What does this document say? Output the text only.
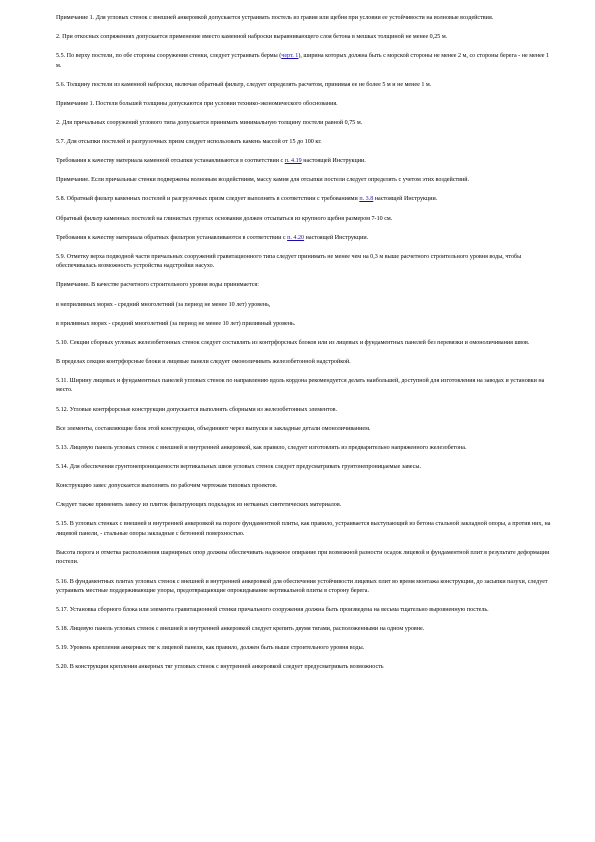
Примечание 1. Для угловых стенок с внешней анкеровкой допускается устраивать постель из гравия или щебня при условии ее устойчивости на волновые воздействия.

2. При откосных сопряжениях допускается применение вместо каменной наброски выравнивающего слоя бетона в мешках толщиной не менее 0,25 м.

5.5. По верху постели, по обе стороны сооружения стенки, следует устраивать бермы (черт. 1), ширина которых должна быть с морской стороны не менее 2 м, со стороны берега - не менее 1 м.

5.6. Толщину постели из каменной наброски, включая обратный фильтр, следует определять расчетом, принимая ее не более 5 м и не менее 1 м.

Примечание 1. Постели большей толщины допускаются при условии технико-экономического обоснования.

2. Для причальных сооружений углового типа допускается принимать минимальную толщину постели равной 0,75 м.

5.7. Для отсыпки постелей и разгрузочных призм следует использовать камень массой от 15 до 100 кг.

Требования к качеству материала каменной отсыпки устанавливаются в соответствии с п. 4.19 настоящей Инструкции.

Примечание. Если причальные стенки подвержены волновым воздействиям, массу камня для отсыпки постели следует определять с учетом этих воздействий.

5.8. Обратный фильтр каменных постелей и разгрузочных призм следует выполнять в соответствии с требованиями п. 3.8 настоящей Инструкции.

Обратный фильтр каменных постелей на глинистых грунтах основания должен отсыпаться из крупного щебня размером 7-10 см.

Требования к качеству материала обратных фильтров устанавливаются в соответствии с п. 4.20 настоящей Инструкции.

5.9. Отметку верха подводной части причальных сооружений гравитационного типа следует принимать не менее чем на 0,3 м выше расчетного строительного уровня воды, чтобы обеспечивалась возможность устройства надстройки насухо.

Примечание. В качестве расчетного строительного уровня воды принимается:

в неприливных морях - средний многолетний (за период не менее 10 лет) уровень,

в приливных морях - средний многолетний (за период не менее 10 лет) приливный уровень.

5.10. Секции сборных угловых железобетонных стенок следует составлять из контрфорсных блоков или из лицевых и фундаментных панелей без перевязки и омоноличивания швов.

В пределах секции контрфорсные блоки и лицевые панели следует омоноличивать железобетонной надстройкой.

5.11. Ширину лицевых и фундаментных панелей угловых стенок по направлению вдоль кордона рекомендуется делать наибольшей, доступной для изготовления на заводах и установки на место.

5.12. Угловые контрфорсные конструкции допускается выполнять сборными из железобетонных элементов.

Все элементы, составляющие блок этой конструкции, объединяют через выпуски и закладные детали омоноличиванием.

5.13. Лицевую панель угловых стенок с внешней и внутренней анкеровкой, как правило, следует изготовлять из предварительно напряженного железобетона.

5.14. Для обеспечения грунтонепроницаемости вертикальных швов угловых стенок следует предусматривать грунтонепроницаемые завесы.

Конструкцию завес допускается выполнять по рабочим чертежам типовых проектов.

Следует также применять завесу из плиток фильтрующих подкладок из нетканых синтетических материалов.

5.15. В угловых стенках с внешней и внутренней анкеровкой на пороге фундаментной плиты, как правило, устраивается выступающий из бетона стальной закладной опоры, а против них, на лицевой панели, - стальные опоры закладные с бетонной поверхностью.

Высота порога и отметка расположения шарнирных опор должны обеспечивать надежное опирание при возможной разности осадок лицевой и фундаментной плит в результате деформации постели.

5.16. В фундаментных плитах угловых стенок с внешней и внутренней анкеровкой для обеспечения устойчивости лицевых плит во время монтажа конструкции, до засыпки пазухи, следует устраивать местные поддерживающие упоры, предотвращающие опрокидывание вертикальной плиты в сторону берега.

5.17. Установка сборного блока или элемента гравитационной стенки причального сооружения должна быть произведена на весьма тщательно выровненную постель.

5.18. Лицевую панель угловых стенок с внешней и внутренней анкеровкой следует крепить двумя тягами, расположенными на одном уровне.

5.19. Уровень крепления анкерных тяг к лицевой панели, как правило, должен быть выше строительного уровня воды.

5.20. В конструкции крепления анкерных тяг угловых стенок с внутренней анкеровкой следует предусматривать возможность
